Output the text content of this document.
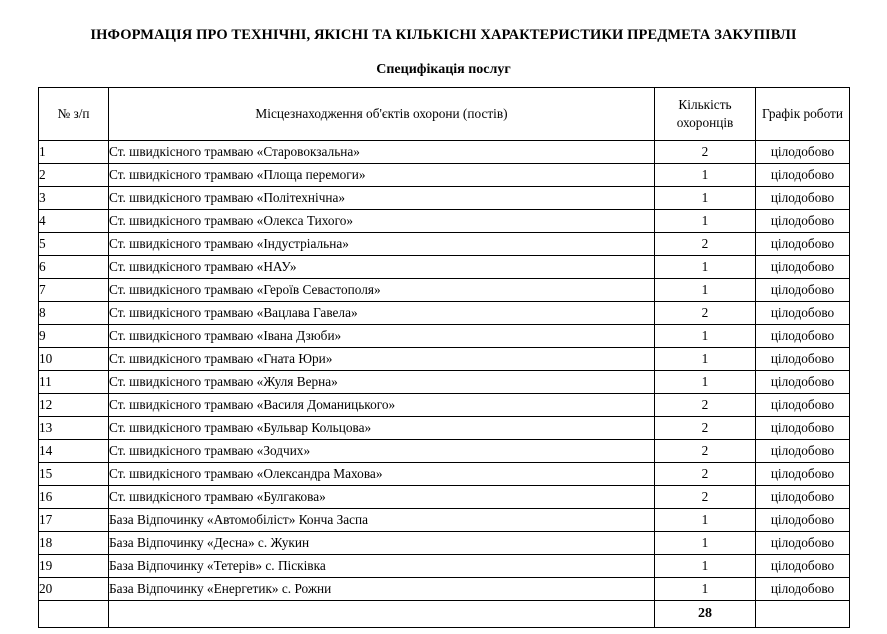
ІНФОРМАЦІЯ ПРО ТЕХНІЧНІ, ЯКІСНІ ТА КІЛЬКІСНІ ХАРАКТЕРИСТИКИ ПРЕДМЕТА ЗАКУПІВЛІ
Специфікація послуг
№ з/п	Місцезнаходження об'єктів охорони (постів)	Кількість охоронців	Графік роботи
1	Ст. швидкісного трамваю «Старовокзальна»	2	цілодобово
2	Ст. швидкісного трамваю «Площа перемоги»	1	цілодобово
3	Ст. швидкісного трамваю «Політехнічна»	1	цілодобово
4	Ст. швидкісного трамваю «Олекса Тихого»	1	цілодобово
5	Ст. швидкісного трамваю «Індустріальна»	2	цілодобово
6	Ст. швидкісного трамваю «НАУ»	1	цілодобово
7	Ст. швидкісного трамваю «Героїв Севастополя»	1	цілодобово
8	Ст. швидкісного трамваю «Вацлава Гавела»	2	цілодобово
9	Ст. швидкісного трамваю «Івана Дзюби»	1	цілодобово
10	Ст. швидкісного трамваю «Гната Юри»	1	цілодобово
11	Ст. швидкісного трамваю «Жуля Верна»	1	цілодобово
12	Ст. швидкісного трамваю «Василя Доманицького»	2	цілодобово
13	Ст. швидкісного трамваю «Бульвар Кольцова»	2	цілодобово
14	Ст. швидкісного трамваю «Зодчих»	2	цілодобово
15	Ст. швидкісного трамваю «Олександра Махова»	2	цілодобово
16	Ст. швидкісного трамваю «Булгакова»	2	цілодобово
17	База Відпочинку «Автомобіліст» Конча Заспа	1	цілодобово
18	База Відпочинку «Десна» с. Жукин	1	цілодобово
19	База Відпочинку «Тетерів» с. Пісківка	1	цілодобово
20	База Відпочинку «Енергетик» с. Рожни	1	цілодобово
		28	
